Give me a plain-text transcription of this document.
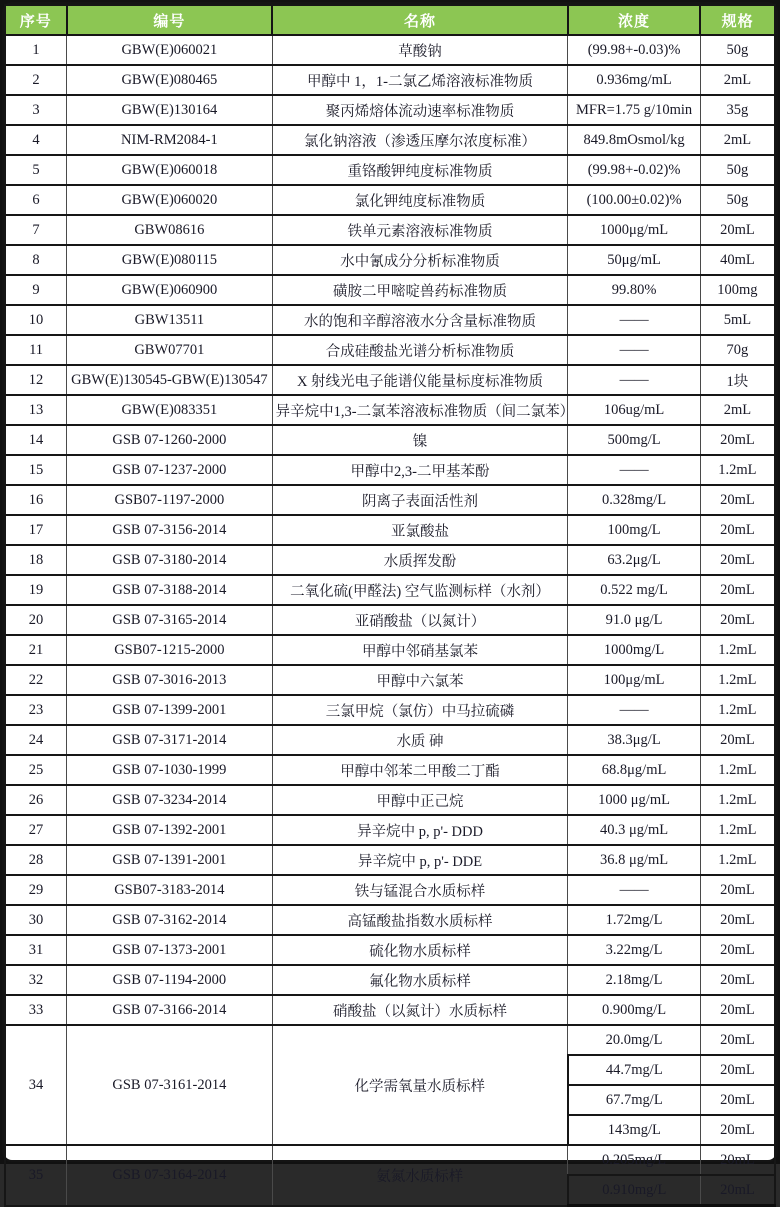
序号	编号	名称	浓度	规格
1	GBW(E)060021	草酸钠	(99.98+-0.03)%	50g
2	GBW(E)080465	甲醇中 1，1-二氯乙烯溶液标准物质	0.936mg/mL	2mL
3	GBW(E)130164	聚丙烯熔体流动速率标准物质	MFR=1.75 g/10min	35g
4	NIM-RM2084-1	氯化钠溶液（渗透压摩尔浓度标准）	849.8mOsmol/kg	2mL
5	GBW(E)060018	重铬酸钾纯度标准物质	(99.98+-0.02)%	50g
6	GBW(E)060020	氯化钾纯度标准物质	(100.00±0.02)%	50g
7	GBW08616	铁单元素溶液标准物质	1000μg/mL	20mL
8	GBW(E)080115	水中氰成分分析标准物质	50μg/mL	40mL
9	GBW(E)060900	磺胺二甲嘧啶兽药标准物质	99.80%	100mg
10	GBW13511	水的饱和辛醇溶液水分含量标准物质	——	5mL
11	GBW07701	合成硅酸盐光谱分析标准物质	——	70g
12	GBW(E)130545-GBW(E)130547	X 射线光电子能谱仪能量标度标准物质	——	1块
13	GBW(E)083351	异辛烷中1,3-二氯苯溶液标准物质（间二氯苯）	106ug/mL	2mL
14	GSB 07-1260-2000	镍	500mg/L	20mL
15	GSB 07-1237-2000	甲醇中2,3-二甲基苯酚	——	1.2mL
16	GSB07-1197-2000	阴离子表面活性剂	0.328mg/L	20mL
17	GSB 07-3156-2014	亚氯酸盐	100mg/L	20mL
18	GSB 07-3180-2014	水质挥发酚	63.2μg/L	20mL
19	GSB 07-3188-2014	二氧化硫(甲醛法) 空气监测标样（水剂）	0.522 mg/L	20mL
20	GSB 07-3165-2014	亚硝酸盐（以氮计）	91.0 μg/L	20mL
21	GSB07-1215-2000	甲醇中邻硝基氯苯	1000mg/L	1.2mL
22	GSB 07-3016-2013	甲醇中六氯苯	100μg/mL	1.2mL
23	GSB 07-1399-2001	三氯甲烷（氯仿）中马拉硫磷	——	1.2mL
24	GSB 07-3171-2014	水质 砷	38.3μg/L	20mL
25	GSB 07-1030-1999	甲醇中邻苯二甲酸二丁酯	68.8μg/mL	1.2mL
26	GSB 07-3234-2014	甲醇中正己烷	1000 μg/mL	1.2mL
27	GSB 07-1392-2001	异辛烷中 p, p'- DDD	40.3 μg/mL	1.2mL
28	GSB 07-1391-2001	异辛烷中 p, p'- DDE	36.8 μg/mL	1.2mL
29	GSB07-3183-2014	铁与锰混合水质标样	——	20mL
30	GSB 07-3162-2014	高锰酸盐指数水质标样	1.72mg/L	20mL
31	GSB 07-1373-2001	硫化物水质标样	3.22mg/L	20mL
32	GSB 07-1194-2000	氟化物水质标样	2.18mg/L	20mL
33	GSB 07-3166-2014	硝酸盐（以氮计）水质标样	0.900mg/L	20mL
34	GSB 07-3161-2014	化学需氧量水质标样	20.0mg/L	20mL
			44.7mg/L	20mL
			67.7mg/L	20mL
			143mg/L	20mL
35	GSB 07-3164-2014	氨氮水质标样	0.205mg/L	20mL
			0.910mg/L	20mL
